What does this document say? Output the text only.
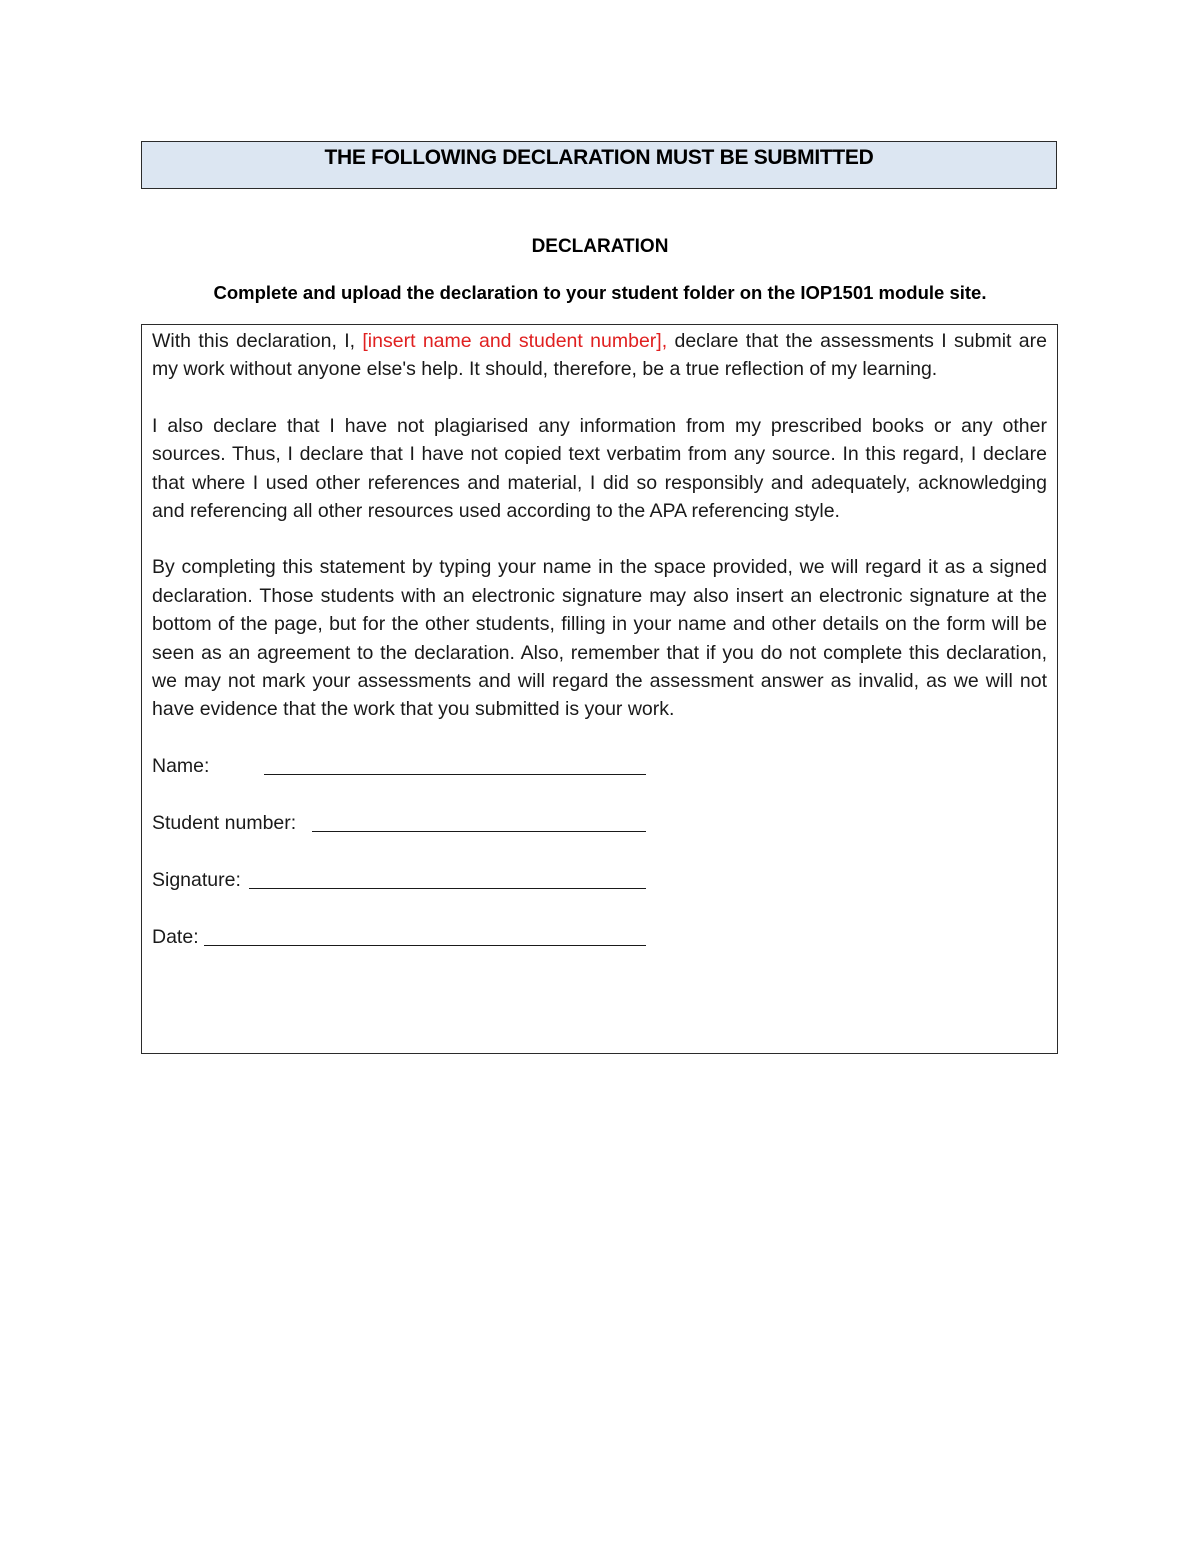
THE FOLLOWING DECLARATION MUST BE SUBMITTED
DECLARATION
Complete and upload the declaration to your student folder on the IOP1501 module site.

With this declaration, I, [insert name and student number], declare that the assessments I submit are my work without anyone else's help. It should, therefore, be a true reflection of my learning.

I also declare that I have not plagiarised any information from my prescribed books or any other sources. Thus, I declare that I have not copied text verbatim from any source. In this regard, I declare that where I used other references and material, I did so responsibly and adequately, acknowledging and referencing all other resources used according to the APA referencing style.

By completing this statement by typing your name in the space provided, we will regard it as a signed declaration. Those students with an electronic signature may also insert an electronic signature at the bottom of the page, but for the other students, filling in your name and other details on the form will be seen as an agreement to the declaration. Also, remember that if you do not complete this declaration, we may not mark your assessments and will regard the assessment answer as invalid, as we will not have evidence that the work that you submitted is your work.

Name:
Student number:
Signature:
Date:
